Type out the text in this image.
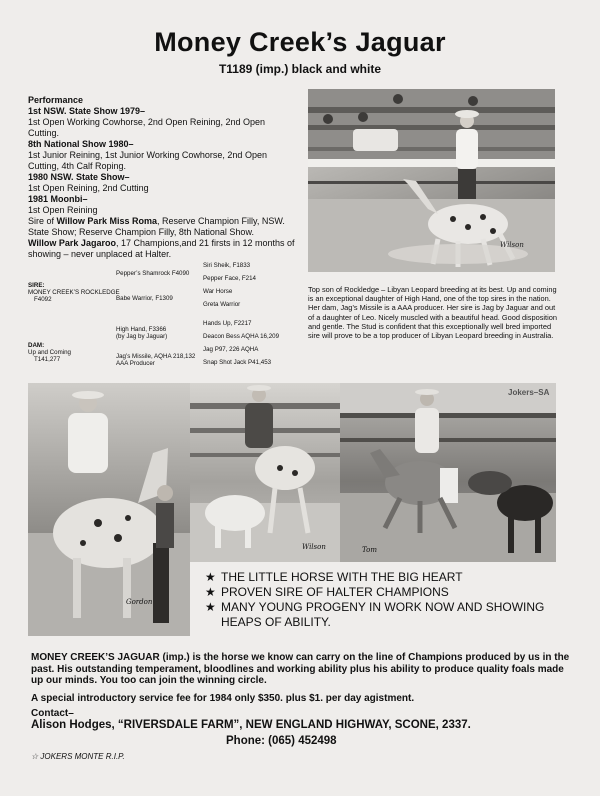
Money Creek’s Jaguar
T1189 (imp.) black and white
Performance
1st NSW. State Show 1979–
1st Open Working Cowhorse, 2nd Open Reining, 2nd Open Cutting.
8th National Show 1980–
1st Junior Reining, 1st Junior Working Cowhorse, 2nd Open Cutting, 4th Calf Roping.
1980 NSW. State Show–
1st Open Reining, 2nd Cutting
1981 Moonbi–
1st Open Reining
Sire of Willow Park Miss Roma, Reserve Champion Filly, NSW. State Show; Reserve Champion Filly, 8th National Show.
Willow Park Jagaroo, 17 Champions,and 21 firsts in 12 months of showing – never unplaced at Halter.
Wilson
SIRE:
MONEY CREEK’S ROCKLEDGE
F4092
DAM:
Up and Coming
T141,277
Pepper’s Shamrock F4090
Babe Warrior, F1309
High Hand, F3366
(by Jag by Jaguar)
Jag’s Missile, AQHA 218,132
AAA Producer
Siri Sheik, F1833
Pepper Face, F214
War Horse
Greta Warrior
Hands Up, F2217
Deacon Bess AQHA 16,209
Jag P97, 226 AQHA
Snap Shot Jack P41,453
Top son of Rockledge – Libyan Leopard breeding at its best. Up and coming is an exceptional daughter of High Hand, one of the top sires in the nation. Her dam, Jag’s Missile is a AAA producer. Her sire is Jag by Jaguar and out of a daughter of Leo. Nicely muscled with a beautiful head. Good disposition and gentle. The Stud is confident that this exceptionally well bred imported sire will prove to be a top producer of Libyan Leopard breeding in Australia.
Gordon
Wilson
Jokers–SA
Tom
★ THE LITTLE HORSE WITH THE BIG HEART
★ PROVEN SIRE OF HALTER CHAMPIONS
★ MANY YOUNG PROGENY IN WORK NOW AND SHOWING HEAPS OF ABILITY.
MONEY CREEK’S JAGUAR (imp.) is the horse we know can carry on the line of Champions produced by us in the past. His outstanding temperament, bloodlines and working ability plus his ability to produce quality foals made up our minds. You too can join the winning circle.
A special introductory service fee for 1984 only $350. plus $1. per day agistment.
Contact–
Alison Hodges, “RIVERSDALE FARM”, NEW ENGLAND HIGHWAY, SCONE, 2337.
Phone: (065) 452498
☆ JOKERS MONTE R.I.P.
